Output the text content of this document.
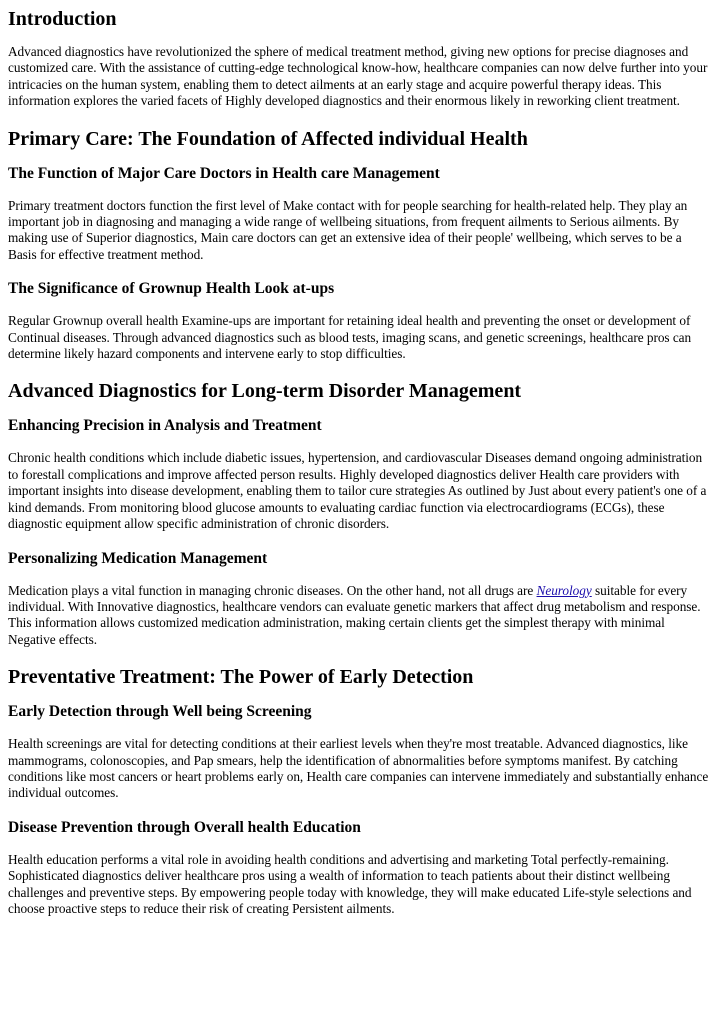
Introduction

Advanced diagnostics have revolutionized the sphere of medical treatment method, giving new options for precise diagnoses and customized care. With the assistance of cutting-edge technological know-how, healthcare companies can now delve further into your intricacies on the human system, enabling them to detect ailments at an early stage and acquire powerful therapy ideas. This information explores the varied facets of Highly developed diagnostics and their enormous likely in reworking client treatment.

Primary Care: The Foundation of Affected individual Health
The Function of Major Care Doctors in Health care Management

Primary treatment doctors function the first level of Make contact with for people searching for health-related help. They play an important job in diagnosing and managing a wide range of wellbeing situations, from frequent ailments to Serious ailments. By making use of Superior diagnostics, Main care doctors can get an extensive idea of their people' wellbeing, which serves to be a Basis for effective treatment method.

The Significance of Grownup Health Look at-ups

Regular Grownup overall health Examine-ups are important for retaining ideal health and preventing the onset or development of Continual diseases. Through advanced diagnostics such as blood tests, imaging scans, and genetic screenings, healthcare pros can determine likely hazard components and intervene early to stop difficulties.

Advanced Diagnostics for Long-term Disorder Management
Enhancing Precision in Analysis and Treatment

Chronic health conditions which include diabetic issues, hypertension, and cardiovascular Diseases demand ongoing administration to forestall complications and improve affected person results. Highly developed diagnostics deliver Health care providers with important insights into disease development, enabling them to tailor cure strategies As outlined by Just about every patient's one of a kind demands. From monitoring blood glucose amounts to evaluating cardiac function via electrocardiograms (ECGs), these diagnostic equipment allow specific administration of chronic disorders.

Personalizing Medication Management

Medication plays a vital function in managing chronic diseases. On the other hand, not all drugs are Neurology suitable for every individual. With Innovative diagnostics, healthcare vendors can evaluate genetic markers that affect drug metabolism and response. This information allows customized medication administration, making certain clients get the simplest therapy with minimal Negative effects.

Preventative Treatment: The Power of Early Detection
Early Detection through Well being Screening

Health screenings are vital for detecting conditions at their earliest levels when they're most treatable. Advanced diagnostics, like mammograms, colonoscopies, and Pap smears, help the identification of abnormalities before symptoms manifest. By catching conditions like most cancers or heart problems early on, Health care companies can intervene immediately and substantially enhance individual outcomes.

Disease Prevention through Overall health Education

Health education performs a vital role in avoiding health conditions and advertising and marketing Total perfectly-remaining. Sophisticated diagnostics deliver healthcare pros using a wealth of information to teach patients about their distinct wellbeing challenges and preventive steps. By empowering people today with knowledge, they will make educated Life-style selections and choose proactive steps to reduce their risk of creating Persistent ailments.
